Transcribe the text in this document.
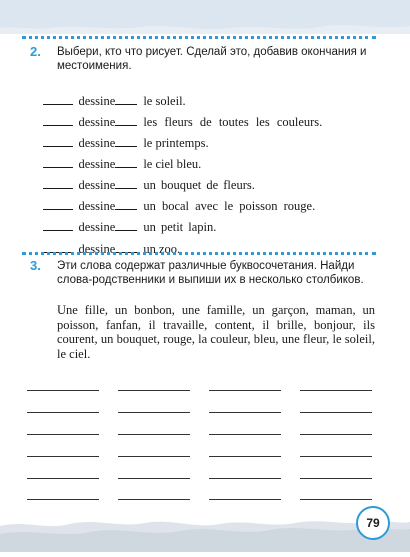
2. Выбери, кто что рисует. Сделай это, добавив окончания и местоимения.

dessine le soleil.

dessine les fleurs de toutes les couleurs.

dessine le printemps.

dessine le ciel bleu.

dessine un bouquet de fleurs.

dessine un bocal avec le poisson rouge.

dessine un petit lapin.

dessine un zoo.

3. Эти слова содержат различные буквосочетания. Найди слова-родственники и выпиши их в несколько столбиков.
Une fille, un bonbon, une famille, un garçon, maman, un poisson, fanfan, il travaille, content, il brille, bonjour, ils courent, un bouquet, rouge, la couleur, bleu, une fleur, le soleil, le ciel.
79
